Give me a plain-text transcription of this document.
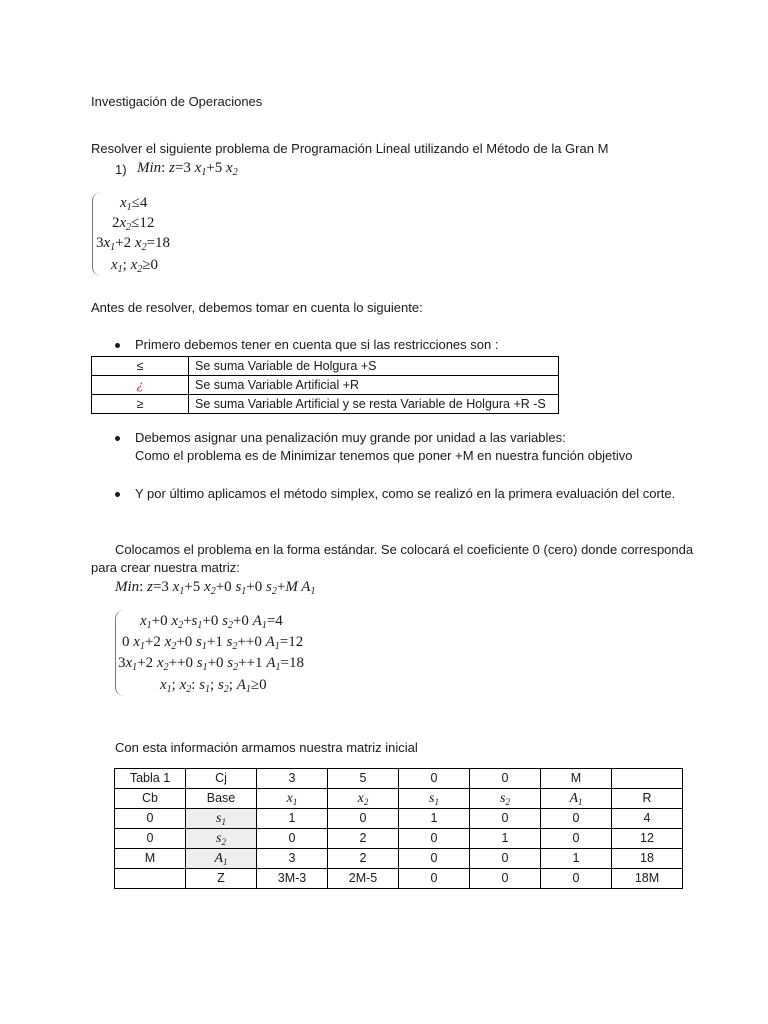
Investigación de Operaciones
Resolver el siguiente problema de Programación Lineal utilizando el Método de la Gran M
1) Min: z=3 $x_1+5$ $x_2$
$x_1\le 4$
$2x_2\le 12$
$3x_1+2$ $x_2=18$
$x_1$; $x_2\ge 0$
Antes de resolver, debemos tomar en cuenta lo siguiente:
Primero debemos tener en cuenta que si las restricciones son :
≤	Se suma Variable de Holgura +S
¿	Se suma Variable Artificial +R
≥	Se suma Variable Artificial y se resta Variable de Holgura +R -S
Debemos asignar una penalización muy grande por unidad a las variables:
Como el problema es de Minimizar tenemos que poner +M en nuestra función objetivo
Y por último aplicamos el método simplex, como se realizó en la primera evaluación del corte.
Colocamos el problema en la forma estándar. Se colocará el coeficiente 0 (cero) donde corresponda
para crear nuestra matriz:
Min: z=3 $x_1+5$ $x_2+0$ $s_1+0$ $s_2+M$ $A_1$
$x_1+0$ $x_2+s_1+0$ $s_2+0$ $A_1=4$
0 $x_1+2$ $x_2+0$ $s_1+1$ $s_2++0$ $A_1=12$
$3x_1+2$ $x_2++0$ $s_1+0$ $s_2++1$ $A_1=18$
$x_1$; $x_2$: $s_1$; $s_2$; $A_1\ge 0$
Con esta información armamos nuestra matriz inicial
Tabla 1	Cj	3	5	0	0	M	
Cb	Base	$x_1$	$x_2$	$s_1$	$s_2$	$A_1$	R
0	$s_1$	1	0	1	0	0	4
0	$s_2$	0	2	0	1	0	12
M	$A_1$	3	2	0	0	1	18
	Z	3M-3	2M-5	0	0	0	18M
